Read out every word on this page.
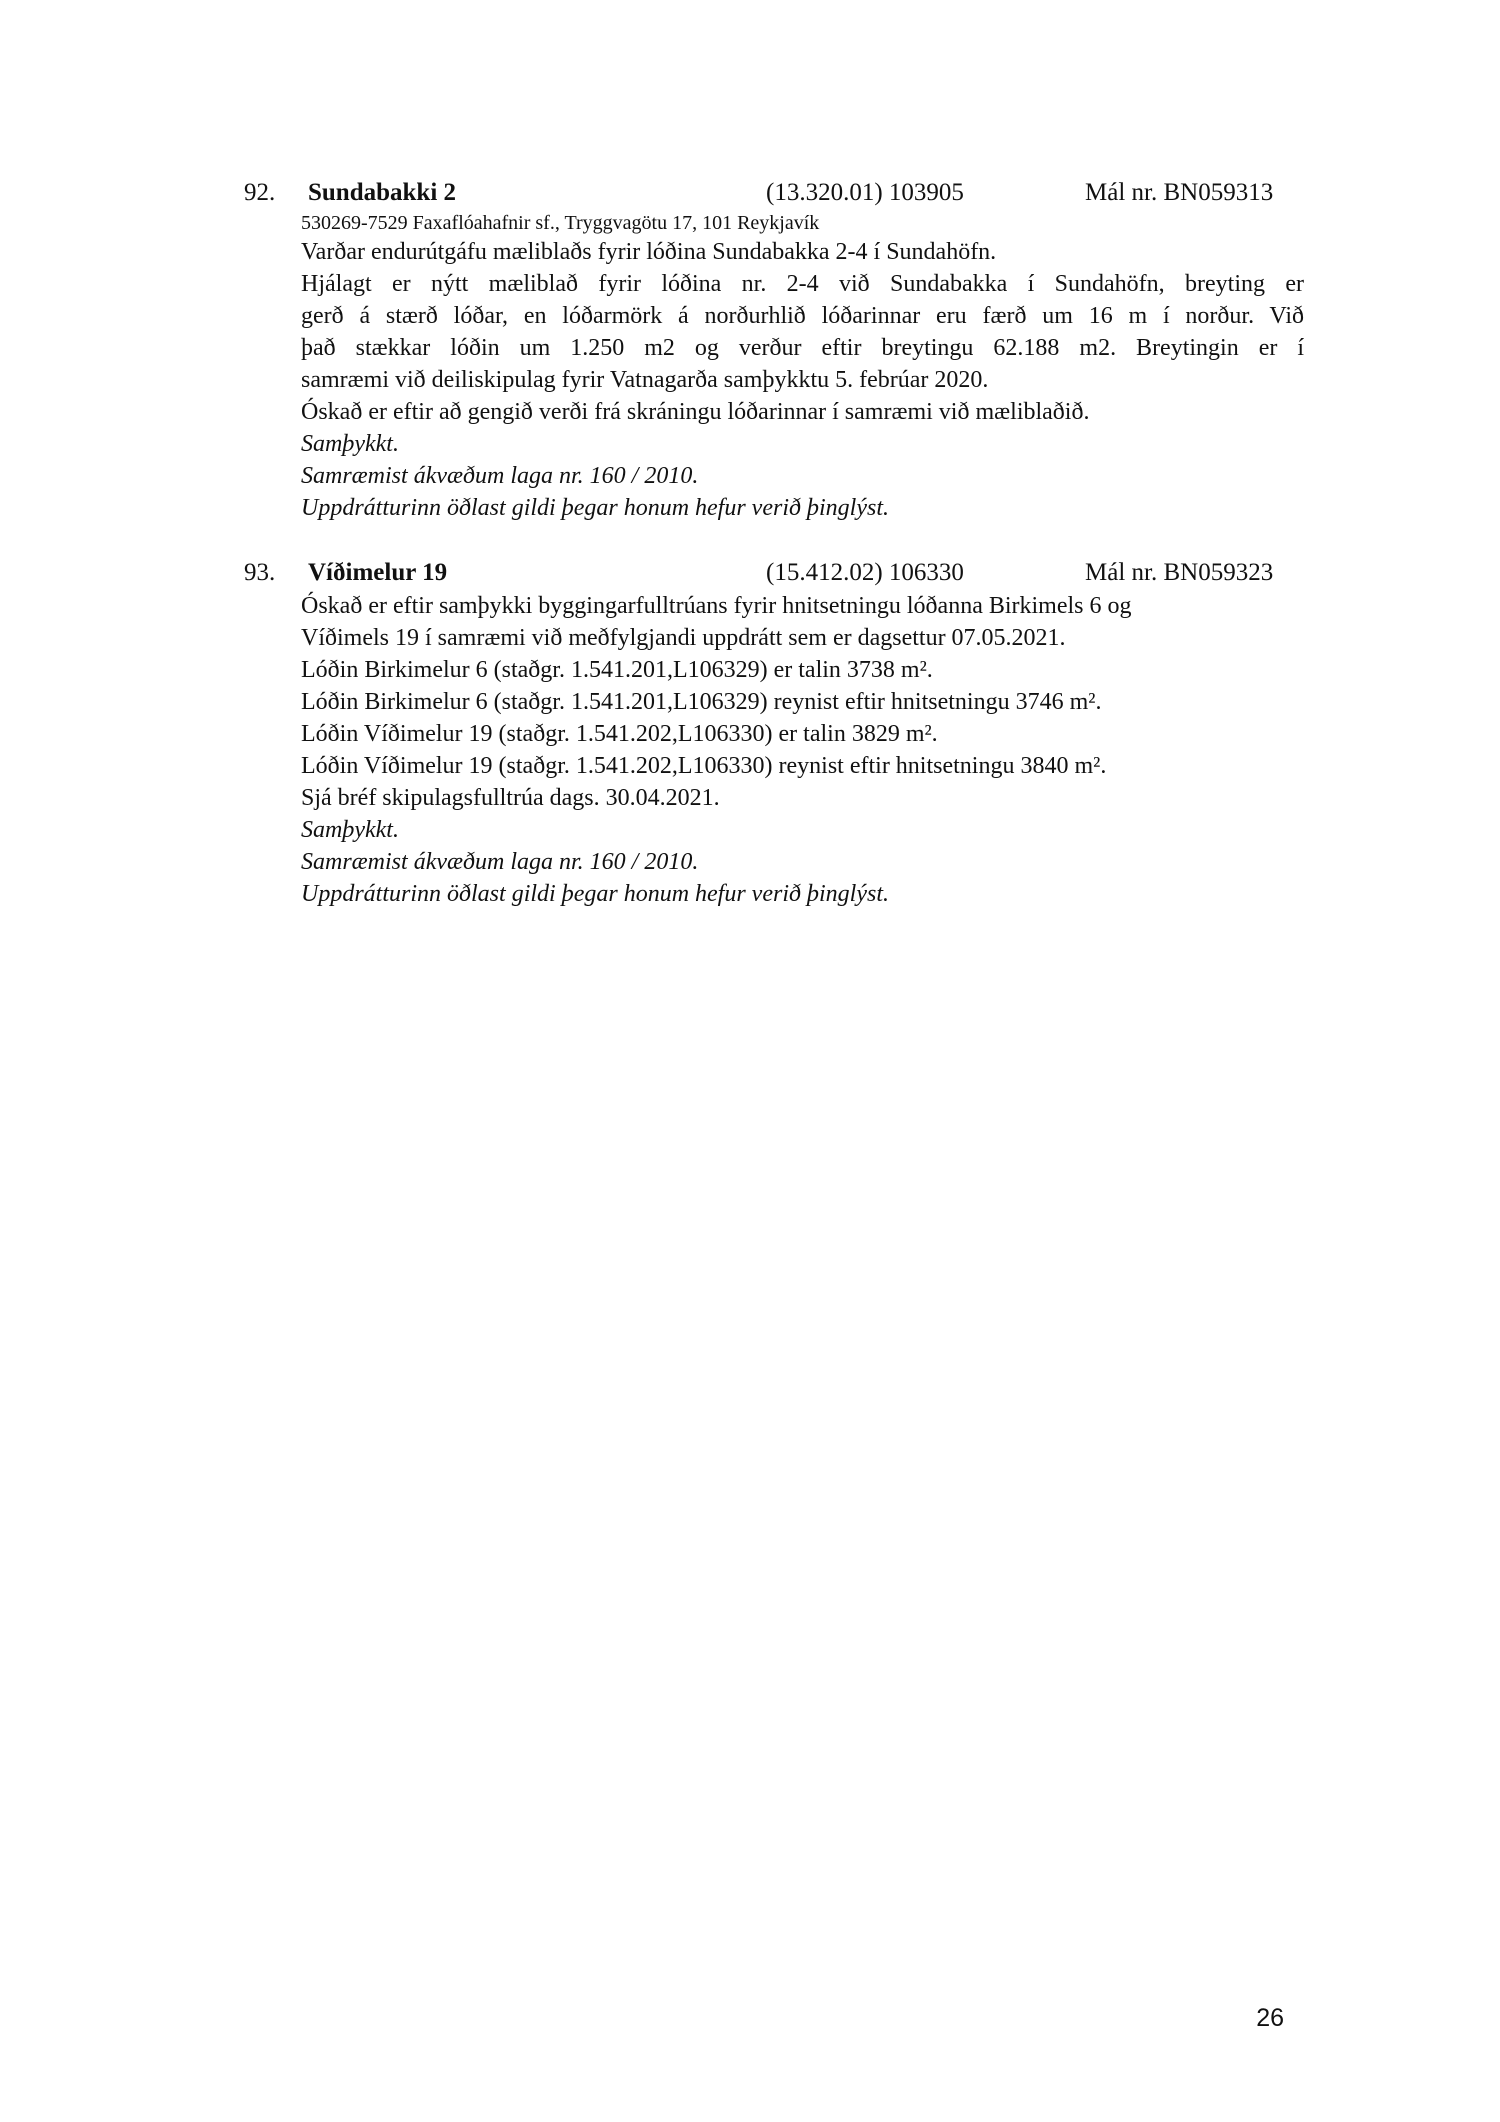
92. Sundabakki 2	(13.320.01) 103905	Mál nr. BN059313
530269-7529 Faxaflóahafnir sf., Tryggvagötu 17, 101 Reykjavík
Varðar endurútgáfu mæliblaðs fyrir lóðina Sundabakka 2-4 í Sundahöfn.
Hjálagt er nýtt mæliblað fyrir lóðina nr. 2-4 við Sundabakka í Sundahöfn, breyting er
gerð á stærð lóðar, en lóðarmörk á norðurhlið lóðarinnar eru færð um 16 m í norður. Við
það stækkar lóðin um 1.250 m2 og verður eftir breytingu 62.188 m2. Breytingin er í
samræmi við deiliskipulag fyrir Vatnagarða samþykktu 5. febrúar 2020.
Óskað er eftir að gengið verði frá skráningu lóðarinnar í samræmi við mæliblaðið.
Samþykkt.
Samræmist ákvæðum laga nr. 160 / 2010.
Uppdrátturinn öðlast gildi þegar honum hefur verið þinglýst.
93. Víðimelur 19	(15.412.02) 106330	Mál nr. BN059323
Óskað er eftir samþykki byggingarfulltrúans fyrir hnitsetningu lóðanna Birkimels 6 og
Víðimels 19 í samræmi við meðfylgjandi uppdrátt sem er dagsettur 07.05.2021.
Lóðin Birkimelur 6 (staðgr. 1.541.201,L106329) er talin 3738 m².
Lóðin Birkimelur 6 (staðgr. 1.541.201,L106329) reynist eftir hnitsetningu 3746 m².
Lóðin Víðimelur 19 (staðgr. 1.541.202,L106330) er talin 3829 m².
Lóðin Víðimelur 19 (staðgr. 1.541.202,L106330) reynist eftir hnitsetningu 3840 m².
Sjá bréf skipulagsfulltrúa dags. 30.04.2021.
Samþykkt.
Samræmist ákvæðum laga nr. 160 / 2010.
Uppdrátturinn öðlast gildi þegar honum hefur verið þinglýst.
26
